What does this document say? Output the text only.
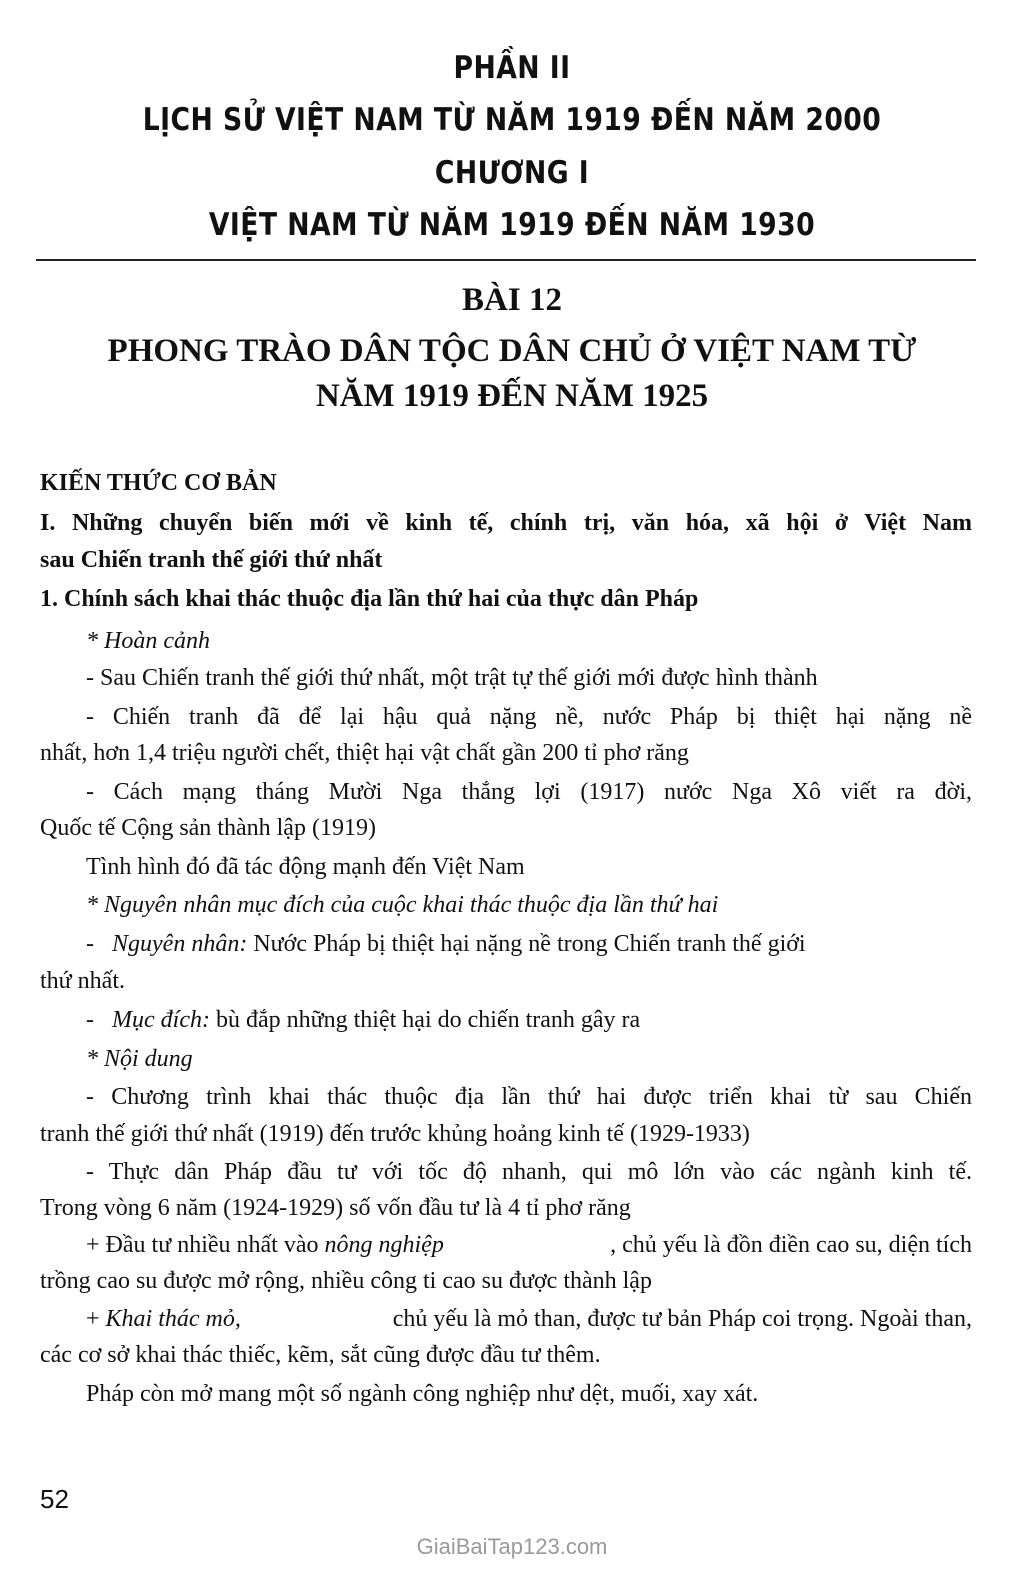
PHẦN II
LỊCH SỬ VIỆT NAM TỪ NĂM 1919 ĐẾN NĂM 2000
CHƯƠNG I
VIỆT NAM TỪ NĂM 1919 ĐẾN NĂM 1930
BÀI 12
PHONG TRÀO DÂN TỘC DÂN CHỦ Ở VIỆT NAM TỪ
NĂM 1919 ĐẾN NĂM 1925
KIẾN THỨC CƠ BẢN
I. Những chuyển biến mới về kinh tế, chính trị, văn hóa, xã hội ở Việt Nam
sau Chiến tranh thế giới thứ nhất
1. Chính sách khai thác thuộc địa lần thứ hai của thực dân Pháp
* Hoàn cảnh
- Sau Chiến tranh thế giới thứ nhất, một trật tự thế giới mới được hình thành
- Chiến tranh đã để lại hậu quả nặng nề, nước Pháp bị thiệt hại nặng nề
nhất, hơn 1,4 triệu người chết, thiệt hại vật chất gần 200 tỉ phơ răng
- Cách mạng tháng Mười Nga thắng lợi (1917) nước Nga Xô viết ra đời,
Quốc tế Cộng sản thành lập (1919)
Tình hình đó đã tác động mạnh đến Việt Nam
* Nguyên nhân mục đích của cuộc khai thác thuộc địa lần thứ hai
-   Nguyên nhân: Nước Pháp bị thiệt hại nặng nề trong Chiến tranh thế giới
thứ nhất.
-   Mục đích: bù đắp những thiệt hại do chiến tranh gây ra
* Nội dung
- Chương trình khai thác thuộc địa lần thứ hai được triển khai từ sau Chiến
tranh thế giới thứ nhất (1919) đến trước khủng hoảng kinh tế (1929-1933)
- Thực dân Pháp đầu tư với tốc độ nhanh, qui mô lớn vào các ngành kinh tế.
Trong vòng 6 năm (1924-1929) số vốn đầu tư là 4 tỉ phơ răng
+ Đầu tư nhiều nhất vào nông nghiệp	, chủ yếu là đồn điền cao su, diện tích
trồng cao su được mở rộng, nhiều công ti cao su được thành lập
+ Khai thác mỏ,	chủ yếu là mỏ than, được tư bản Pháp coi trọng. Ngoài than,
các cơ sở khai thác thiếc, kẽm, sắt cũng được đầu tư thêm.
Pháp còn mở mang một số ngành công nghiệp như dệt, muối, xay xát.
52
GiaiBaiTap123.com
